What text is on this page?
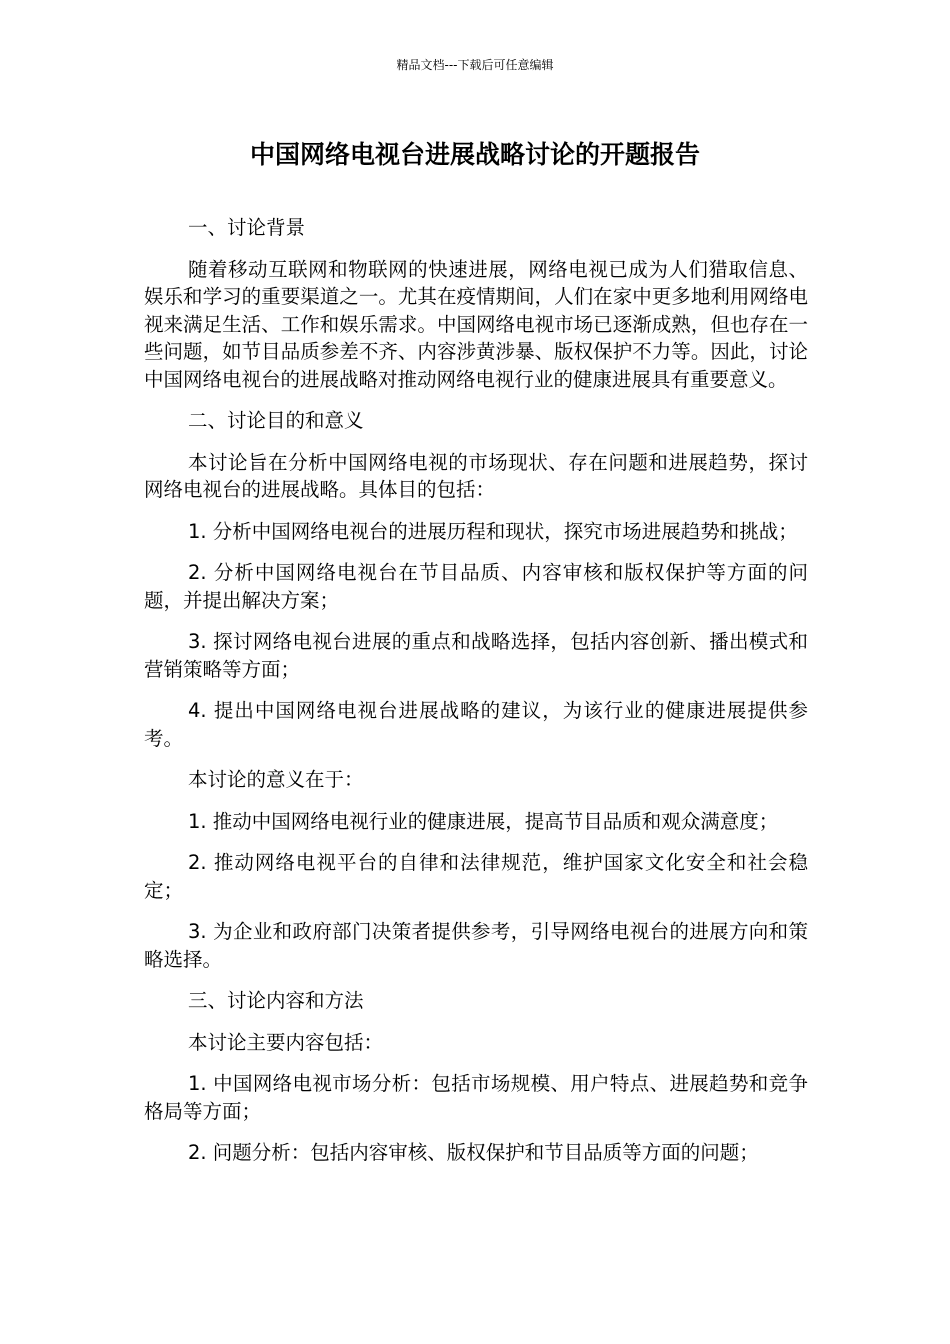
精品文档---下载后可任意编辑
中国网络电视台进展战略讨论的开题报告

一、讨论背景

随着移动互联网和物联网的快速进展，网络电视已成为人们猎取信息、娱乐和学习的重要渠道之一。尤其在疫情期间，人们在家中更多地利用网络电视来满足生活、工作和娱乐需求。中国网络电视市场已逐渐成熟，但也存在一些问题，如节目品质参差不齐、内容涉黄涉暴、版权保护不力等。因此，讨论中国网络电视台的进展战略对推动网络电视行业的健康进展具有重要意义。

二、讨论目的和意义

本讨论旨在分析中国网络电视的市场现状、存在问题和进展趋势，探讨网络电视台的进展战略。具体目的包括：

1. 分析中国网络电视台的进展历程和现状，探究市场进展趋势和挑战；

2. 分析中国网络电视台在节目品质、内容审核和版权保护等方面的问题，并提出解决方案；

3. 探讨网络电视台进展的重点和战略选择，包括内容创新、播出模式和营销策略等方面；

4. 提出中国网络电视台进展战略的建议，为该行业的健康进展提供参考。

本讨论的意义在于：

1. 推动中国网络电视行业的健康进展，提高节目品质和观众满意度；

2. 推动网络电视平台的自律和法律规范，维护国家文化安全和社会稳定；

3. 为企业和政府部门决策者提供参考，引导网络电视台的进展方向和策略选择。

三、讨论内容和方法

本讨论主要内容包括：

1. 中国网络电视市场分析：包括市场规模、用户特点、进展趋势和竞争格局等方面；

2. 问题分析：包括内容审核、版权保护和节目品质等方面的问题；
